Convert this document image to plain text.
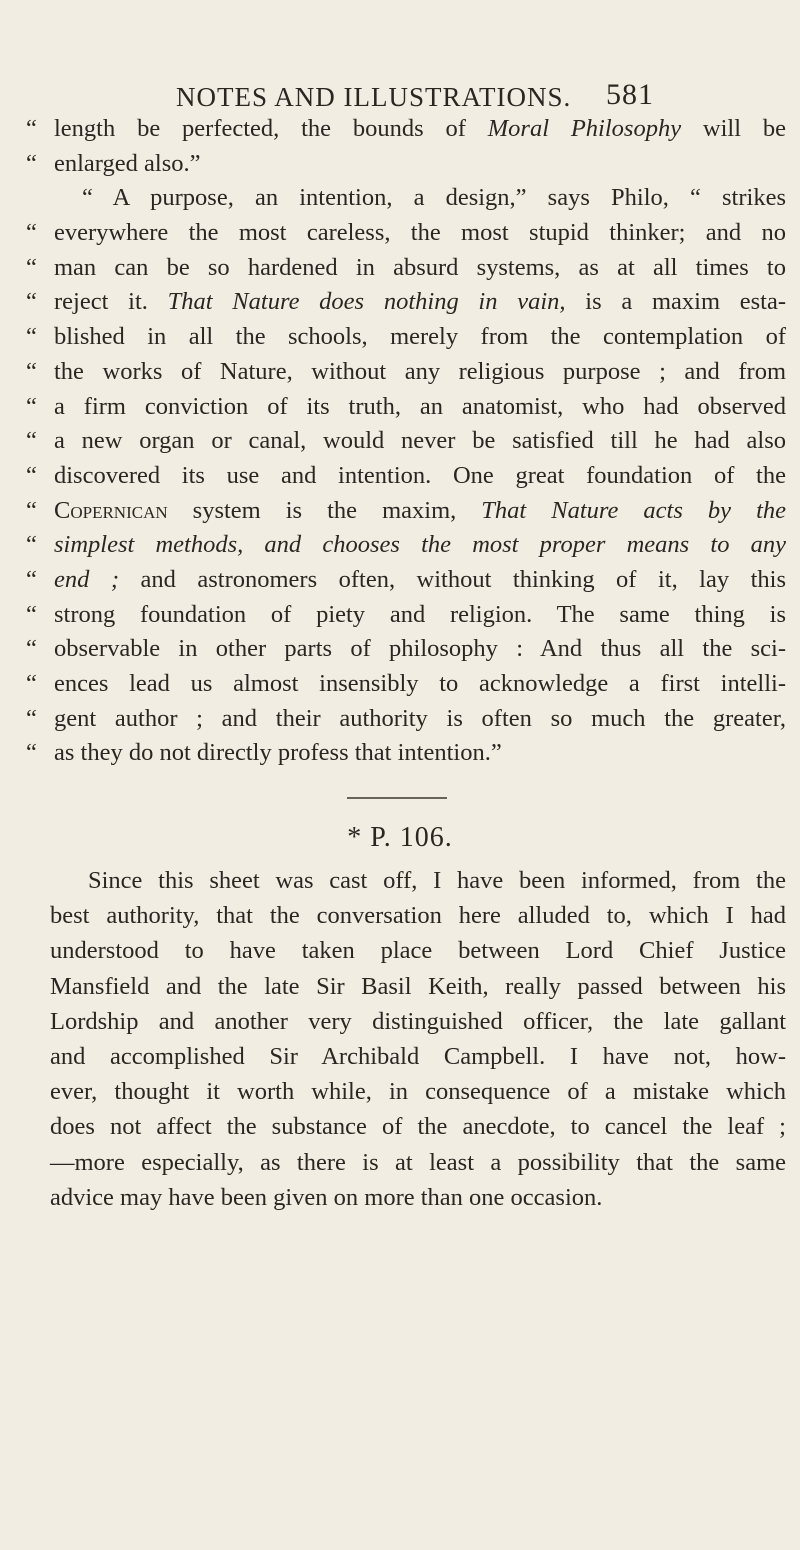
NOTES AND ILLUSTRATIONS. 581
“ length be perfected, the bounds of Moral Philosophy will be
“ enlarged also.”
“ A purpose, an intention, a design,” says Philo, “ strikes
“ everywhere the most careless, the most stupid thinker; and no
“ man can be so hardened in absurd systems, as at all times to
“ reject it. That Nature does nothing in vain, is a maxim esta-
“ blished in all the schools, merely from the contemplation of
“ the works of Nature, without any religious purpose ; and from
“ a firm conviction of its truth, an anatomist, who had observed
“ a new organ or canal, would never be satisfied till he had also
“ discovered its use and intention. One great foundation of the
“ Copernican system is the maxim, That Nature acts by the
“ simplest methods, and chooses the most proper means to any
“ end ; and astronomers often, without thinking of it, lay this
“ strong foundation of piety and religion. The same thing is
“ observable in other parts of philosophy : And thus all the sci-
“ ences lead us almost insensibly to acknowledge a first intelli-
“ gent author ; and their authority is often so much the greater,
“ as they do not directly profess that intention.”
* P. 106.
Since this sheet was cast off, I have been informed, from the
best authority, that the conversation here alluded to, which I had
understood to have taken place between Lord Chief Justice
Mansfield and the late Sir Basil Keith, really passed between his
Lordship and another very distinguished officer, the late gallant
and accomplished Sir Archibald Campbell. I have not, how-
ever, thought it worth while, in consequence of a mistake which
does not affect the substance of the anecdote, to cancel the leaf ;
—more especially, as there is at least a possibility that the same
advice may have been given on more than one occasion.
